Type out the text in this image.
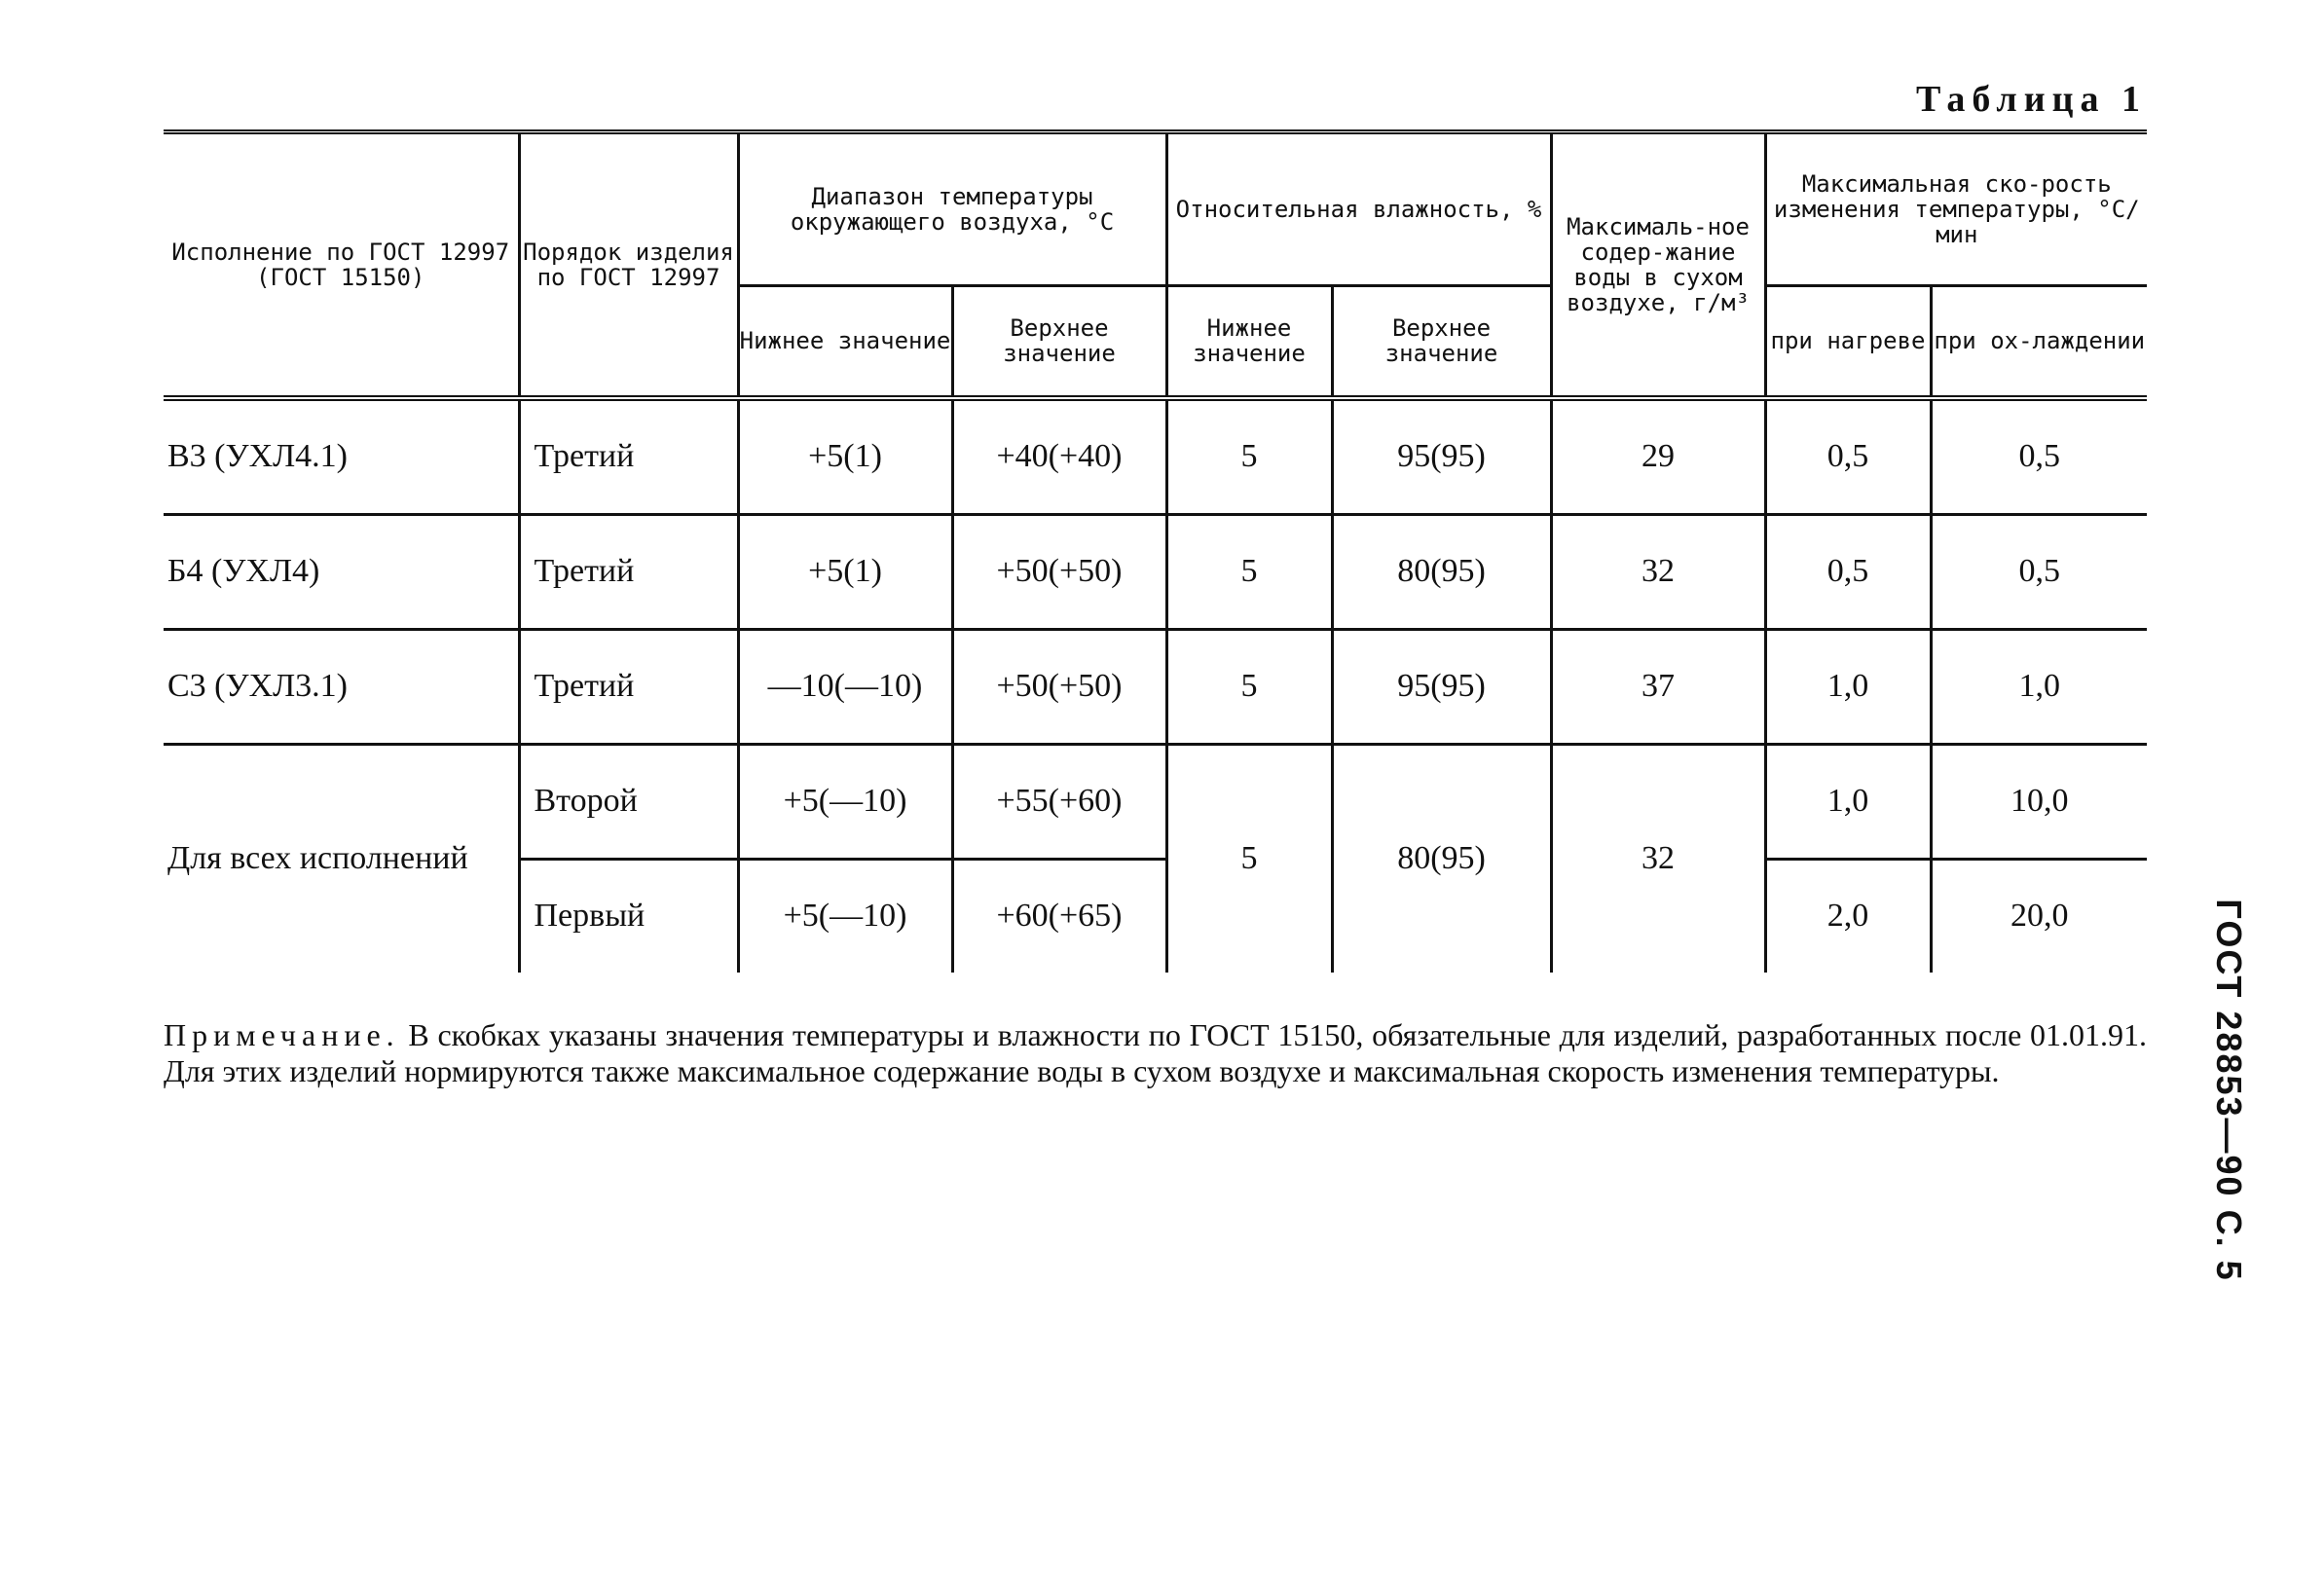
Таблица 1
Исполнение по ГОСТ 12997 (ГОСТ 15150)	Порядок изделия по ГОСТ 12997	Диапазон температуры окружающего воздуха, °С		Относительная влажность, %		Максималь-ное содер-жание воды в сухом воздухе, г/м³	Максимальная ско-рость изменения температуры, °С/мин	
		Нижнее значение	Верхнее значение	Нижнее значение	Верхнее значение		при нагреве	при ох-лаждении
В3 (УХЛ4.1)	Третий	+5(1)	+40(+40)	5	95(95)	29	0,5	0,5
Б4 (УХЛ4)	Третий	+5(1)	+50(+50)	5	80(95)	32	0,5	0,5
С3 (УХЛ3.1)	Третий	—10(—10)	+50(+50)	5	95(95)	37	1,0	1,0
Для всех исполнений	Второй	+5(—10)	+55(+60)	5	80(95)	32	1,0	10,0
	Первый	+5(—10)	+60(+65)				2,0	20,0
Примечание. В скобках указаны значения температуры и влажности по ГОСТ 15150, обязательные для изделий, разработанных после 01.01.91. Для этих изделий нормируются также максимальное содержание воды в сухом воздухе и максимальная скорость изменения температуры.	ГОСТ 28853—90 С. 5
